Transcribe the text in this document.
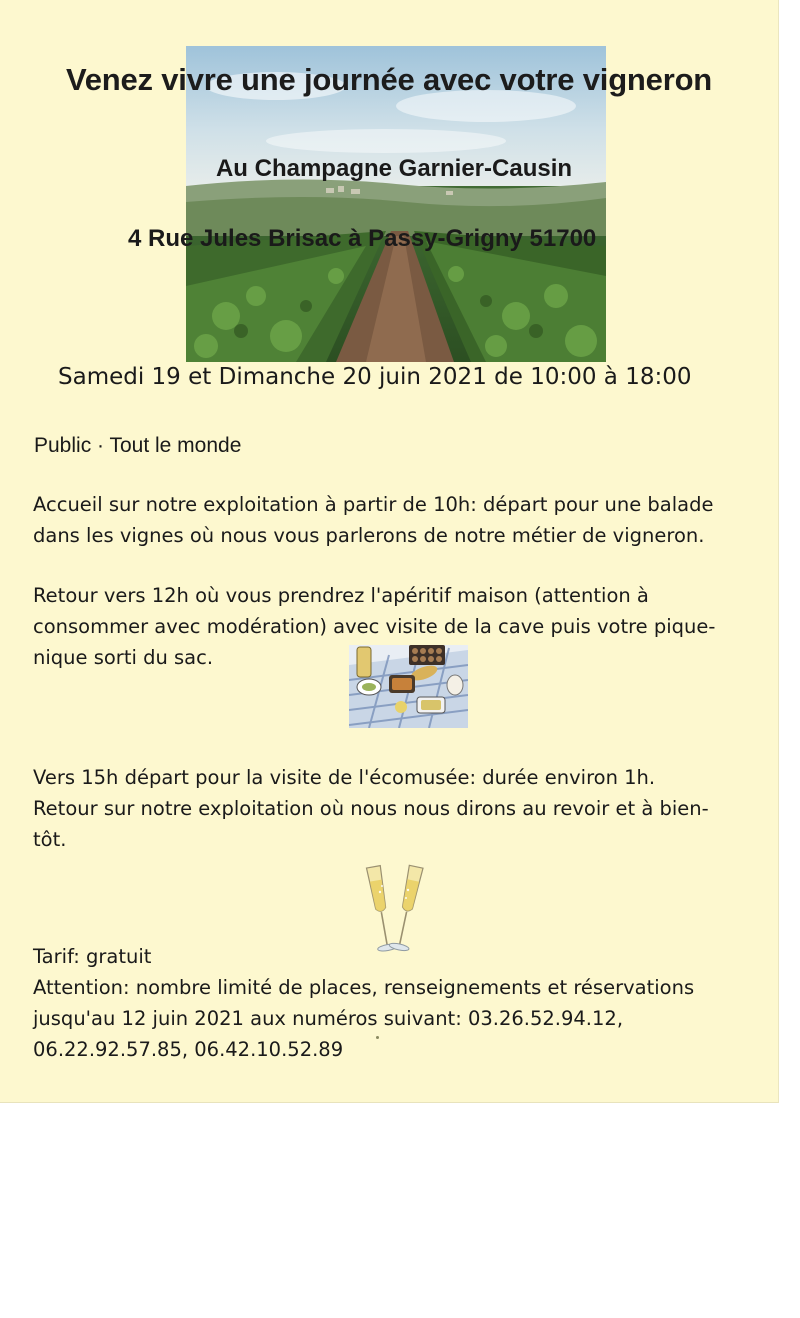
Venez vivre une journée avec votre vigneron
Au Champagne Garnier-Causin
4 Rue Jules Brisac à Passy-Grigny 51700

Samedi 19 et Dimanche 20 juin 2021 de 10:00 à 18:00

Public · Tout le monde

Accueil sur notre exploitation à partir de 10h: départ pour une balade
dans les vignes où nous vous parlerons de notre métier de vigneron.

Retour vers 12h où vous prendrez l'apéritif maison (attention à
consommer avec modération) avec visite de la cave puis votre pique-
nique sorti du sac.

Vers 15h départ pour la visite de l'écomusée: durée environ 1h.
Retour sur notre exploitation où nous nous dirons au revoir et à bien-
tôt.

Tarif: gratuit
Attention: nombre limité de places, renseignements et réservations
jusqu'au 12 juin 2021 aux numéros suivant: 03.26.52.94.12,
06.22.92.57.85, 06.42.10.52.89
